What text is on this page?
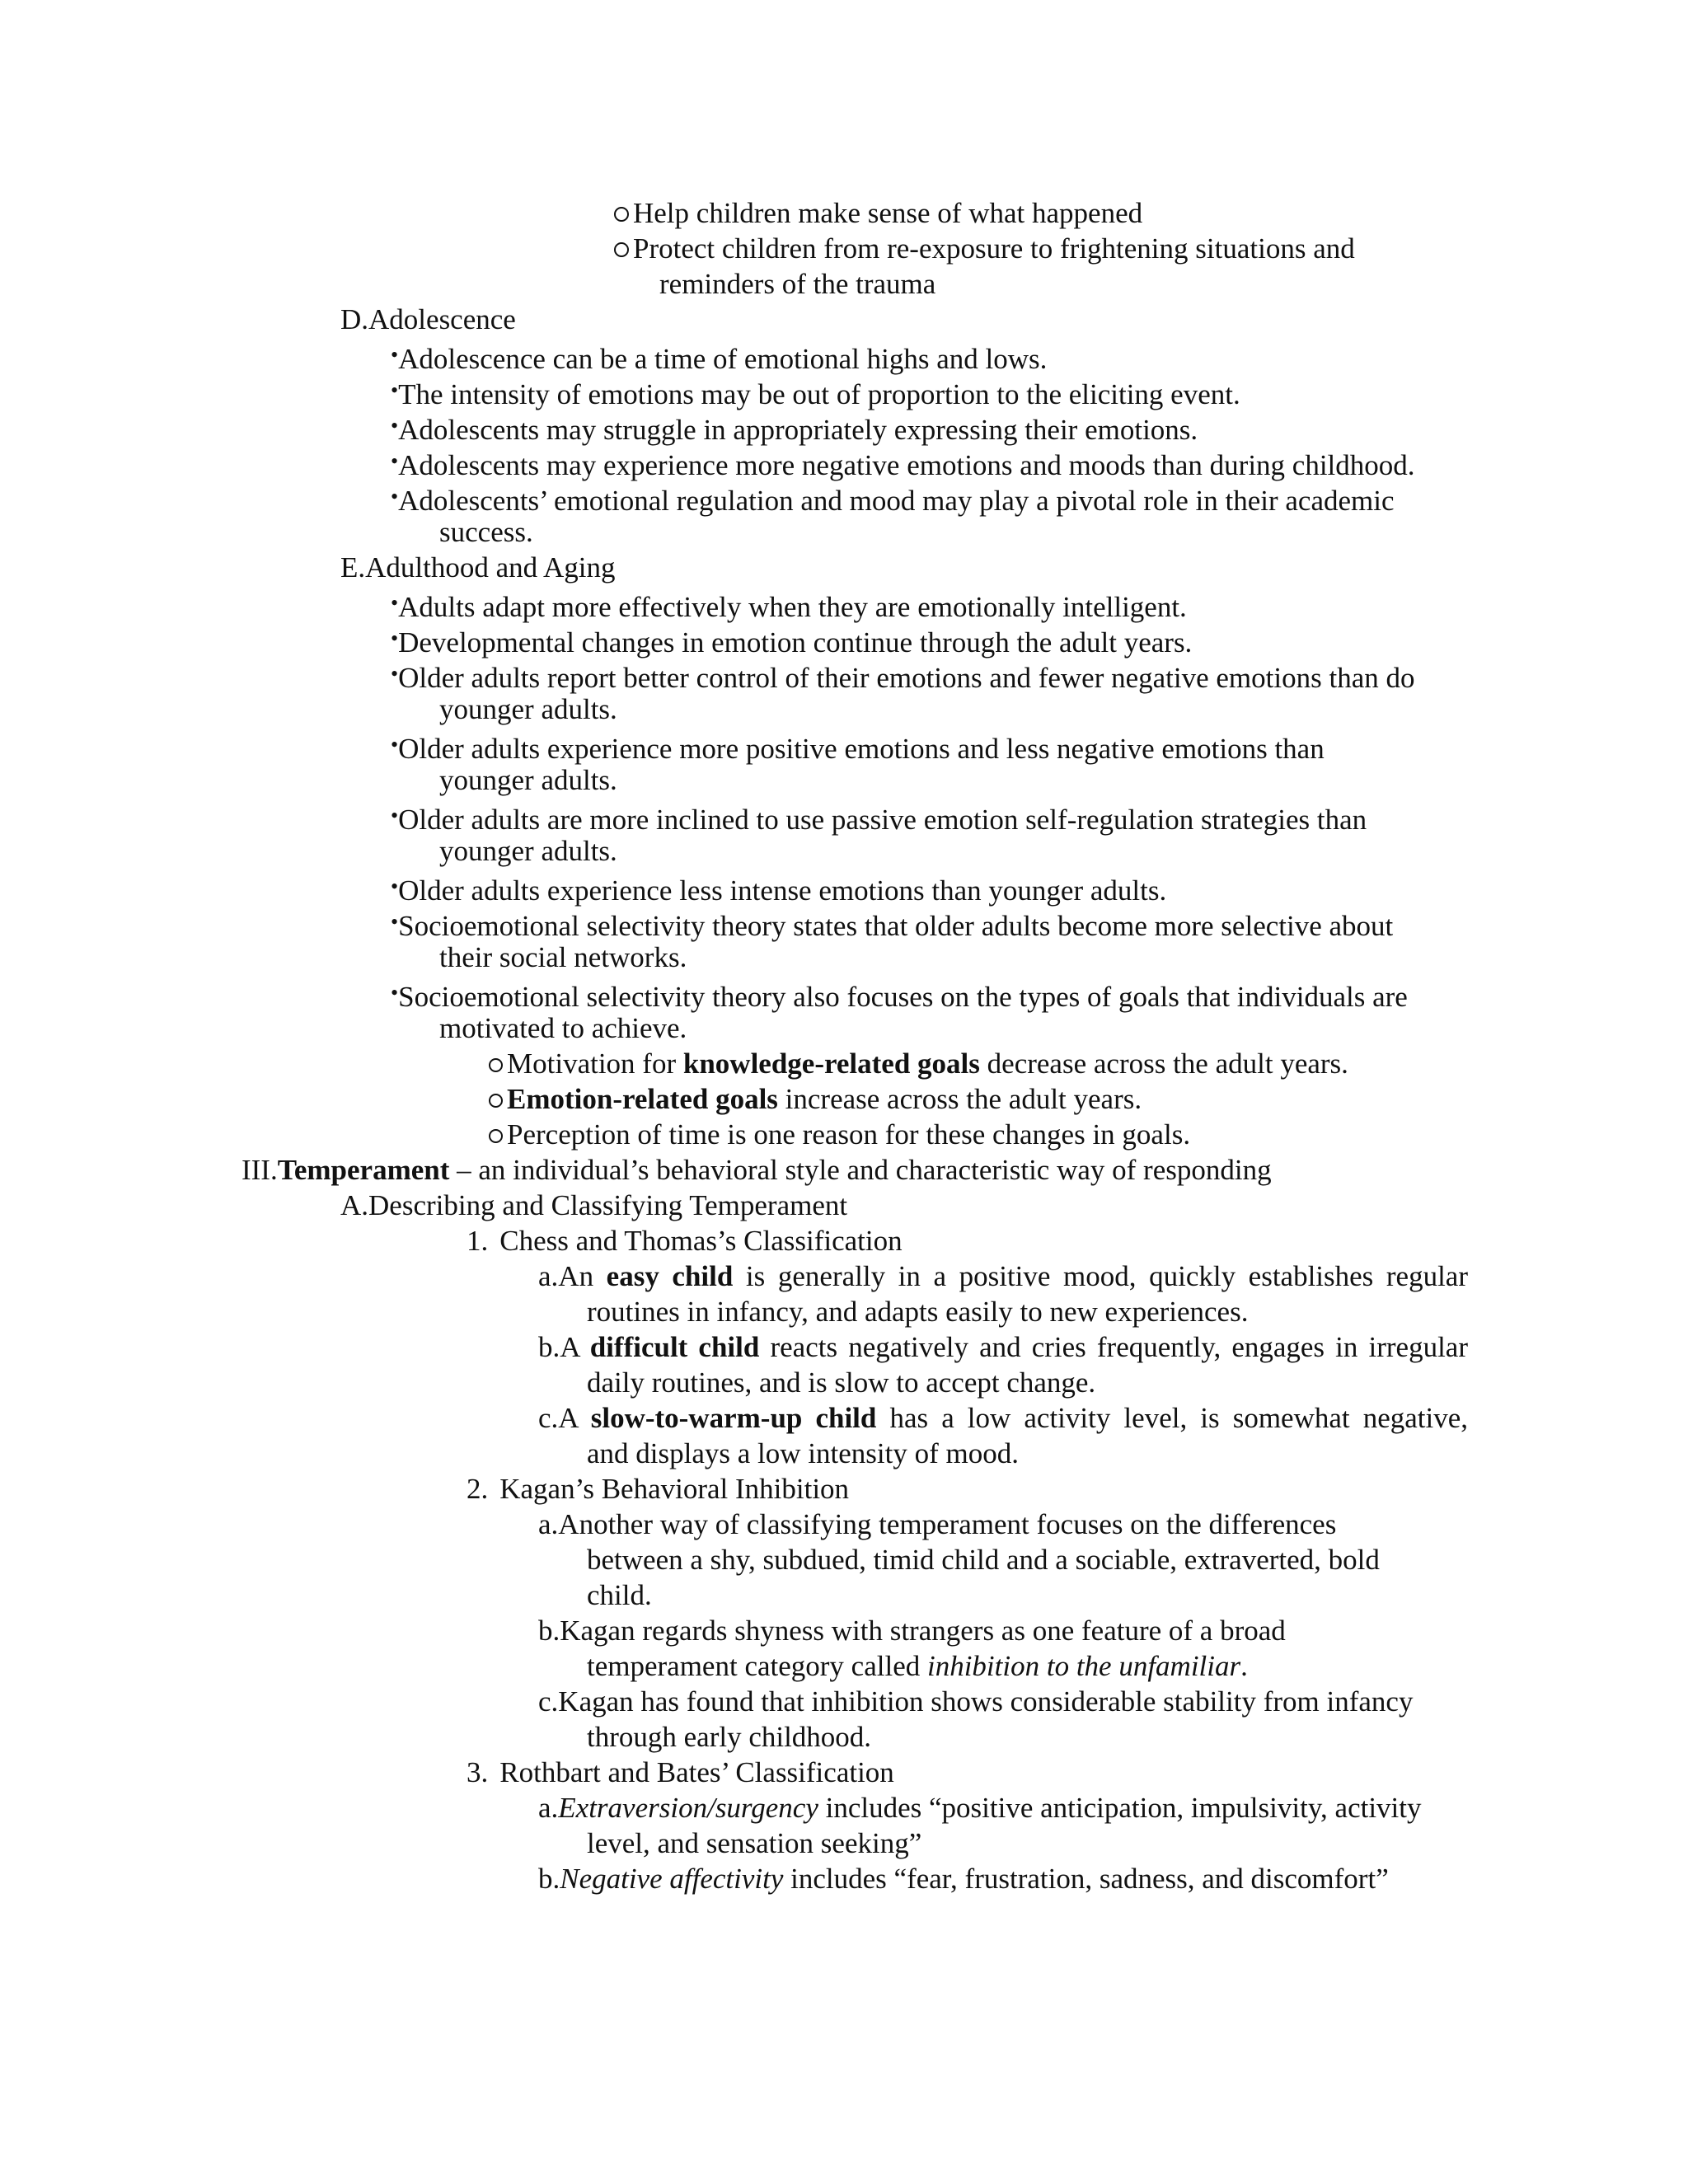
Help children make sense of what happened

Protect children from re-exposure to frightening situations and

reminders of the trauma

D.Adolescence

•Adolescence can be a time of emotional highs and lows.

•The intensity of emotions may be out of proportion to the eliciting event.

•Adolescents may struggle in appropriately expressing their emotions.

•Adolescents may experience more negative emotions and moods than during childhood.

•Adolescents’ emotional regulation and mood may play a pivotal role in their academic

success.

E.Adulthood and Aging

•Adults adapt more effectively when they are emotionally intelligent.

•Developmental changes in emotion continue through the adult years.

•Older adults report better control of their emotions and fewer negative emotions than do

younger adults.

•Older adults experience more positive emotions and less negative emotions than

younger adults.

•Older adults are more inclined to use passive emotion self-regulation strategies than

younger adults.

•Older adults experience less intense emotions than younger adults.

•Socioemotional selectivity theory states that older adults become more selective about

their social networks.

•Socioemotional selectivity theory also focuses on the types of goals that individuals are

motivated to achieve.

Motivation for knowledge-related goals decrease across the adult years.

Emotion-related goals increase across the adult years.

Perception of time is one reason for these changes in goals.

III.Temperament – an individual’s behavioral style and characteristic way of responding

A.Describing and Classifying Temperament

1. Chess and Thomas’s Classification

a.An easy child is generally in a positive mood, quickly establishes regular

routines in infancy, and adapts easily to new experiences.

b.A difficult child reacts negatively and cries frequently, engages in irregular

daily routines, and is slow to accept change.

c.A slow-to-warm-up child has a low activity level, is somewhat negative,

and displays a low intensity of mood.

2. Kagan’s Behavioral Inhibition

a.Another way of classifying temperament focuses on the differences

between a shy, subdued, timid child and a sociable, extraverted, bold

child.

b.Kagan regards shyness with strangers as one feature of a broad

temperament category called inhibition to the unfamiliar.

c.Kagan has found that inhibition shows considerable stability from infancy

through early childhood.

3. Rothbart and Bates’ Classification

a.Extraversion/surgency includes “positive anticipation, impulsivity, activity

level, and sensation seeking”

b.Negative affectivity includes “fear, frustration, sadness, and discomfort”
